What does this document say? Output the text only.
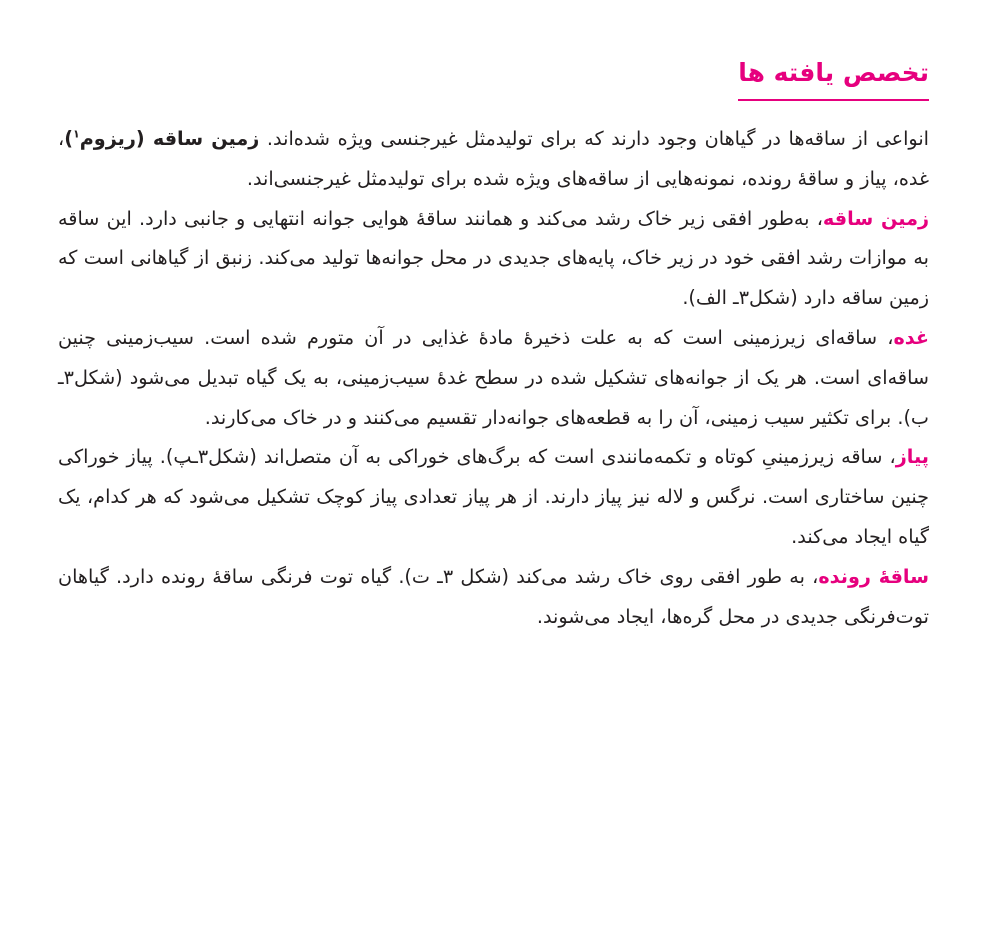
تخصص یافته ها

انواعی از ساقه‌ها در گیاهان وجود دارند که برای تولیدمثل غیرجنسی ویژه شده‌اند. زمین ساقه (ریزوم$^۱$)، غده، پیاز و ساقهٔ رونده، نمونه‌هایی از ساقه‌های ویژه شده برای تولیدمثل غیرجنسی‌اند.

زمین ساقه، به‌طور افقی زیر خاک رشد می‌کند و همانند ساقهٔ هوایی جوانه انتهایی و جانبی دارد. این ساقه به موازات رشد افقی خود در زیر خاک، پایه‌های جدیدی در محل جوانه‌ها تولید می‌کند. زنبق از گیاهانی است که زمین ساقه دارد (شکل۳ـ الف).

غده، ساقه‌ای زیرزمینی است که به علت ذخیرهٔ مادهٔ غذایی در آن متورم شده است. سیب‌زمینی چنین ساقه‌ای است. هر یک از جوانه‌های تشکیل شده در سطح غدهٔ سیب‌زمینی، به یک گیاه تبدیل می‌شود (شکل۳ـ ب). برای تکثیر سیب زمینی، آن را به قطعه‌های جوانه‌دار تقسیم می‌کنند و در خاک می‌کارند.

پیاز، ساقه زیرزمینیِ کوتاه و تکمه‌مانندی است که برگ‌های خوراکی به آن متصل‌اند (شکل۳ـپ). پیاز خوراکی چنین ساختاری است. نرگس و لاله نیز پیاز دارند. از هر پیاز تعدادی پیاز کوچک تشکیل می‌شود که هر کدام، یک گیاه ایجاد می‌کند.

ساقهٔ رونده، به طور افقی روی خاک رشد می‌کند (شکل ۳ـ ت). گیاه توت فرنگی ساقهٔ رونده دارد. گیاهان توت‌فرنگی جدیدی در محل گره‌ها، ایجاد می‌شوند.
